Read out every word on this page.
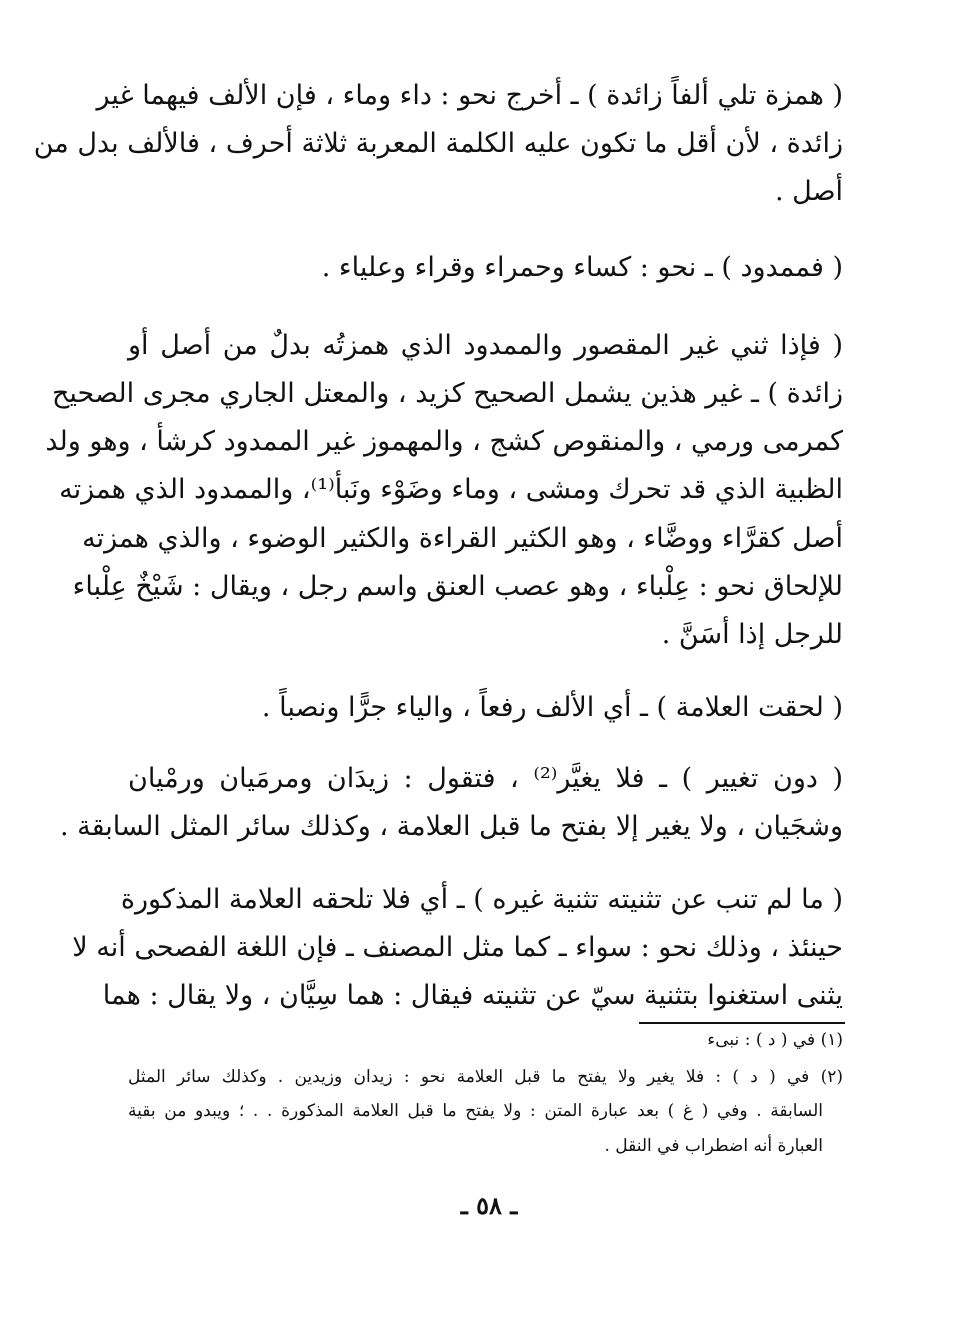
( همزة تلي ألفاً زائدة ) ـ أخرج نحو : داء وماء ، فإن الألف فيهما غير
زائدة ، لأن أقل ما تكون عليه الكلمة المعربة ثلاثة أحرف ، فالألف بدل من
أصل .
( فممدود ) ـ نحو : كساء وحمراء وقراء وعلياء .
( فإذا ثني غير المقصور والممدود الذي همزتُه بدلٌ من أصل أو
زائدة ) ـ غير هذين يشمل الصحيح كزيد ، والمعتل الجاري مجرى الصحيح
كمرمى ورمي ، والمنقوص كشج ، والمهموز غير الممدود كرشأ ، وهو ولد
الظبية الذي قد تحرك ومشى ، وماء وضَوْء ونَبأ⁽¹⁾، والممدود الذي همزته
أصل كقرَّاء ووضَّاء ، وهو الكثير القراءة والكثير الوضوء ، والذي همزته
للإلحاق نحو : عِلْباء ، وهو عصب العنق واسم رجل ، ويقال : شَيْخٌ عِلْباء
للرجل إذا أسَنَّ .
( لحقت العلامة ) ـ أي الألف رفعاً ، والياء جرًّا ونصباً .
( دون تغيير ) ـ فلا يغيَّر⁽²⁾ ، فتقول : زيدَان ومرمَيان ورمْيان
وشجَيان ، ولا يغير إلا بفتح ما قبل العلامة ، وكذلك سائر المثل السابقة .
( ما لم تنب عن تثنيته تثنية غيره ) ـ أي فلا تلحقه العلامة المذكورة
حينئذ ، وذلك نحو : سواء ـ كما مثل المصنف ـ فإن اللغة الفصحى أنه لا
يثنى استغنوا بتثنية سيّ عن تثنيته فيقال : هما سِيَّان ، ولا يقال : هما
(١) في ( د ) : نبىء
(٢) في ( د ) : فلا يغير ولا يفتح ما قبل العلامة نحو : زيدان وزيدين . وكذلك سائر المثل
السابقة . وفي ( غ ) بعد عبارة المتن : ولا يفتح ما قبل العلامة المذكورة . . ؛ ويبدو من بقية
العبارة أنه اضطراب في النقل .
ـ ٥٨ ـ
